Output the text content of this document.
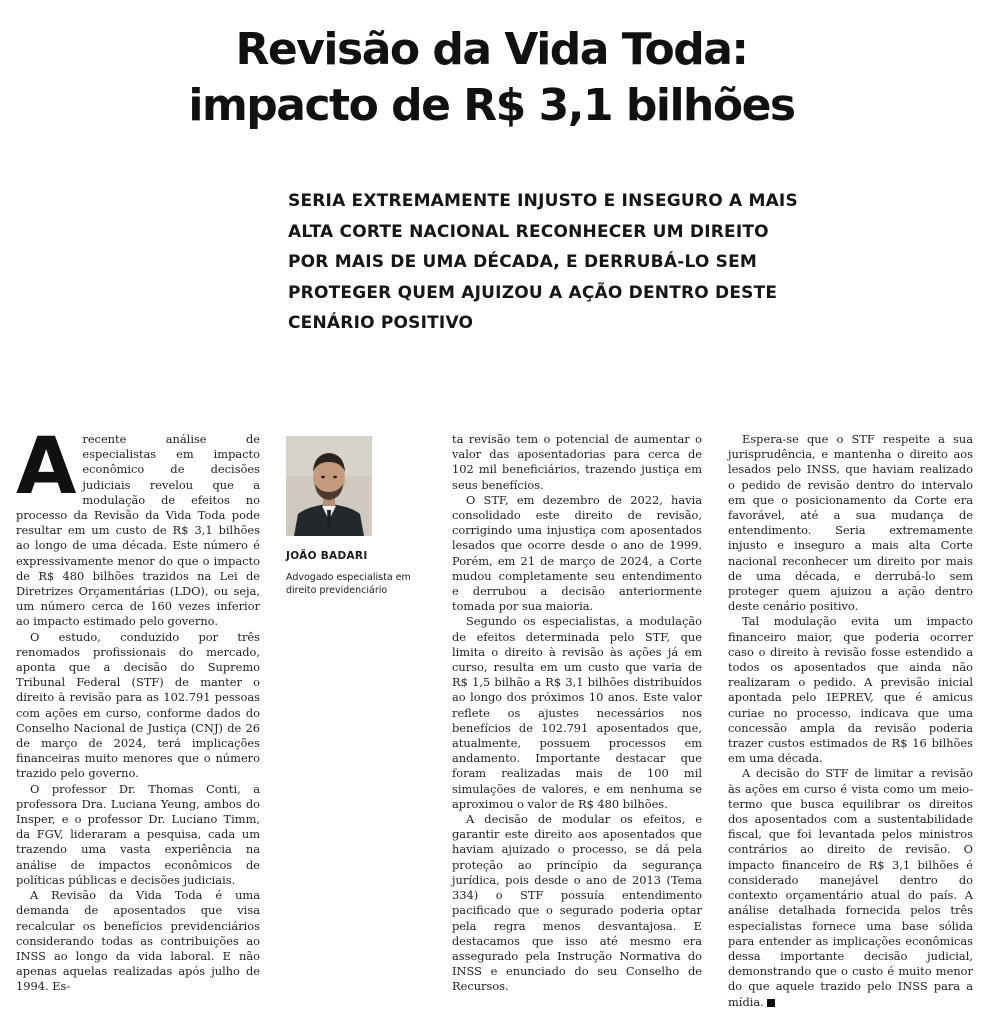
Revisão da Vida Toda:
impacto de R$ 3,1 bilhões

SERIA EXTREMAMENTE INJUSTO E INSEGURO A MAIS ALTA CORTE NACIONAL RECONHECER UM DIREITO POR MAIS DE UMA DÉCADA, E DERRUBÁ-LO SEM PROTEGER QUEM AJUIZOU A AÇÃO DENTRO DESTE CENÁRIO POSITIVO

A recente análise de especialistas em impacto econômico de decisões judiciais revelou que a modulação de efeitos no processo da Revisão da Vida Toda pode resultar em um custo de R$ 3,1 bilhões ao longo de uma década. Este número é expressivamente menor do que o impacto de R$ 480 bilhões trazidos na Lei de Diretrizes Orçamentárias (LDO), ou seja, um número cerca de 160 vezes inferior ao impacto estimado pelo governo.

O estudo, conduzido por três renomados profissionais do mercado, aponta que a decisão do Supremo Tribunal Federal (STF) de manter o direito à revisão para as 102.791 pessoas com ações em curso, conforme dados do Conselho Nacional de Justiça (CNJ) de 26 de março de 2024, terá implicações financeiras muito menores que o número trazido pelo governo.

O professor Dr. Thomas Conti, a professora Dra. Luciana Yeung, ambos do Insper, e o professor Dr. Luciano Timm, da FGV, lideraram a pesquisa, cada um trazendo uma vasta experiência na análise de impactos econômicos de políticas públicas e decisões judiciais.

A Revisão da Vida Toda é uma demanda de aposentados que visa recalcular os benefícios previdenciários considerando todas as contribuições ao INSS ao longo da vida laboral. E não apenas aquelas realizadas após julho de 1994. Es-

JOÃO BADARI
Advogado especialista em direito previdenciário

ta revisão tem o potencial de aumentar o valor das aposentadorias para cerca de 102 mil beneficiários, trazendo justiça em seus benefícios.

O STF, em dezembro de 2022, havia consolidado este direito de revisão, corrigindo uma injustiça com aposentados lesados que ocorre desde o ano de 1999. Porém, em 21 de março de 2024, a Corte mudou completamente seu entendimento e derrubou a decisão anteriormente tomada por sua maioria.

Segundo os especialistas, a modulação de efeitos determinada pelo STF, que limita o direito à revisão às ações já em curso, resulta em um custo que varia de R$ 1,5 bilhão a R$ 3,1 bilhões distribuídos ao longo dos próximos 10 anos. Este valor reflete os ajustes necessários nos benefícios de 102.791 aposentados que, atualmente, possuem processos em andamento. Importante destacar que foram realizadas mais de 100 mil simulações de valores, e em nenhuma se aproximou o valor de R$ 480 bilhões.

A decisão de modular os efeitos, e garantir este direito aos aposentados que haviam ajuizado o processo, se dá pela proteção ao princípio da segurança jurídica, pois desde o ano de 2013 (Tema 334) o STF possuía entendimento pacificado que o segurado poderia optar pela regra menos desvantajosa. E destacamos que isso até mesmo era assegurado pela Instrução Normativa do INSS e enunciado do seu Conselho de Recursos.

Espera-se que o STF respeite a sua jurisprudência, e mantenha o direito aos lesados pelo INSS, que haviam realizado o pedido de revisão dentro do intervalo em que o posicionamento da Corte era favorável, até a sua mudança de entendimento. Seria extremamente injusto e inseguro a mais alta Corte nacional reconhecer um direito por mais de uma década, e derrubá-lo sem proteger quem ajuizou a ação dentro deste cenário positivo.

Tal modulação evita um impacto financeiro maior, que poderia ocorrer caso o direito à revisão fosse estendido a todos os aposentados que ainda não realizaram o pedido. A previsão inicial apontada pelo IEPREV, que é amicus curiae no processo, indicava que uma concessão ampla da revisão poderia trazer custos estimados de R$ 16 bilhões em uma década.

A decisão do STF de limitar a revisão às ações em curso é vista como um meio-termo que busca equilibrar os direitos dos aposentados com a sustentabilidade fiscal, que foi levantada pelos ministros contrários ao direito de revisão. O impacto financeiro de R$ 3,1 bilhões é considerado manejável dentro do contexto orçamentário atual do país. A análise detalhada fornecida pelos três especialistas fornece uma base sólida para entender as implicações econômicas dessa importante decisão judicial, demonstrando que o custo é muito menor do que aquele trazido pelo INSS para a mídia.
